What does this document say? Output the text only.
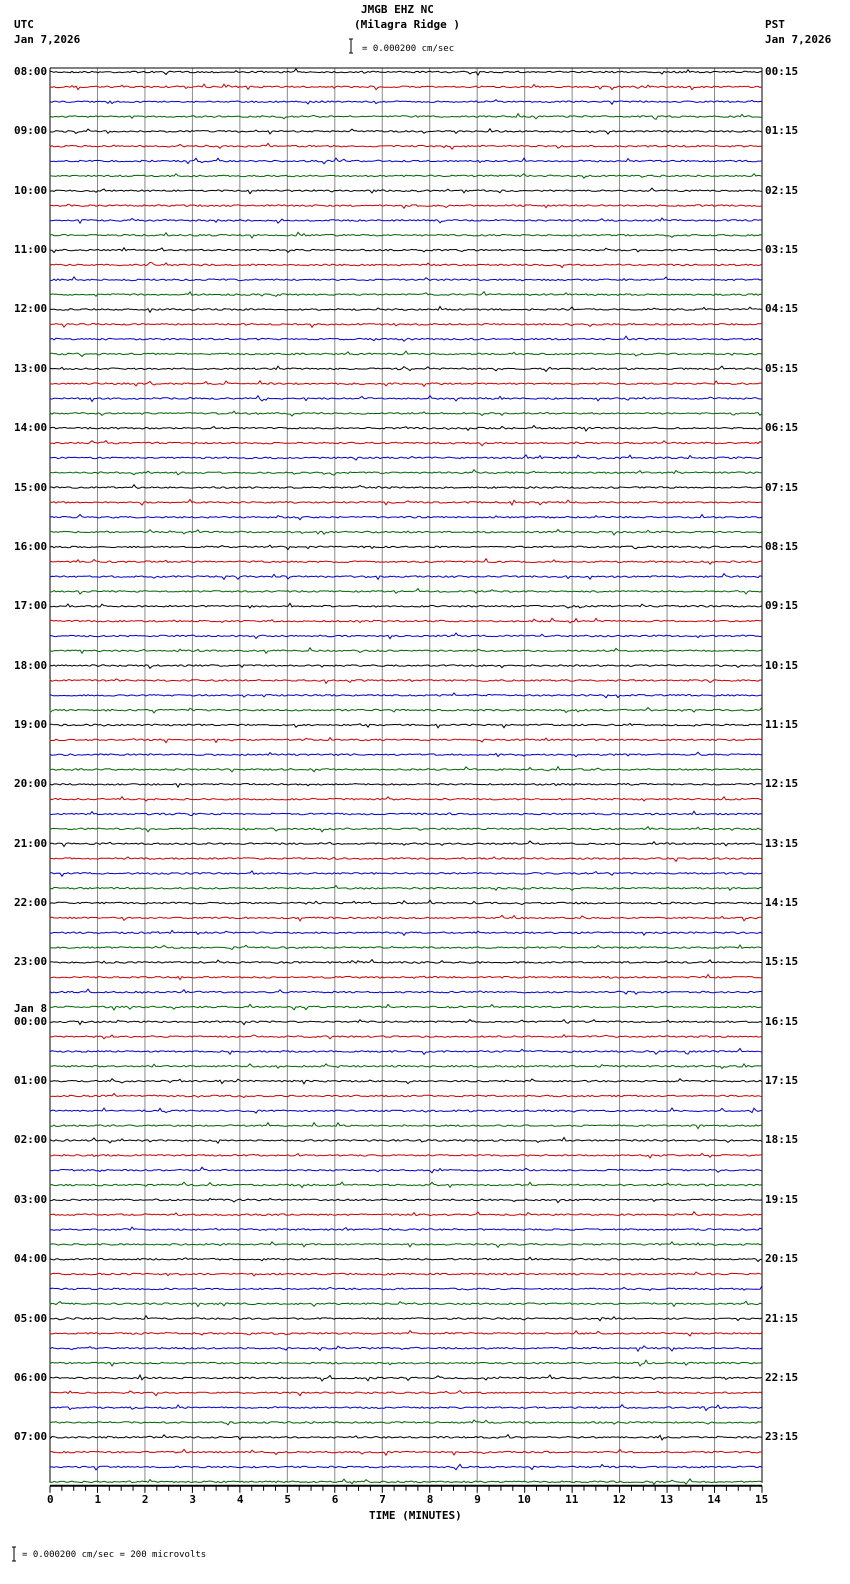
JMGB EHZ NC
(Milagra Ridge )
UTC
Jan 7,2026
PST
Jan 7,2026
= 0.000200 cm/sec
TIME (MINUTES)
= 0.000200 cm/sec = 200 microvolts
0	1	2	3	4	5	6	7	8	9	10	11	12	13	14	15
08:00
09:00
10:00
11:00
12:00
13:00
14:00
15:00
16:00
17:00
18:00
19:00
20:00
21:00
22:00
23:00
00:00
Jan 8
01:00
02:00
03:00
04:00
05:00
06:00
07:00
00:15
01:15
02:15
03:15
04:15
05:15
06:15
07:15
08:15
09:15
10:15
11:15
12:15
13:15
14:15
15:15
16:15
17:15
18:15
19:15
20:15
21:15
22:15
23:15
